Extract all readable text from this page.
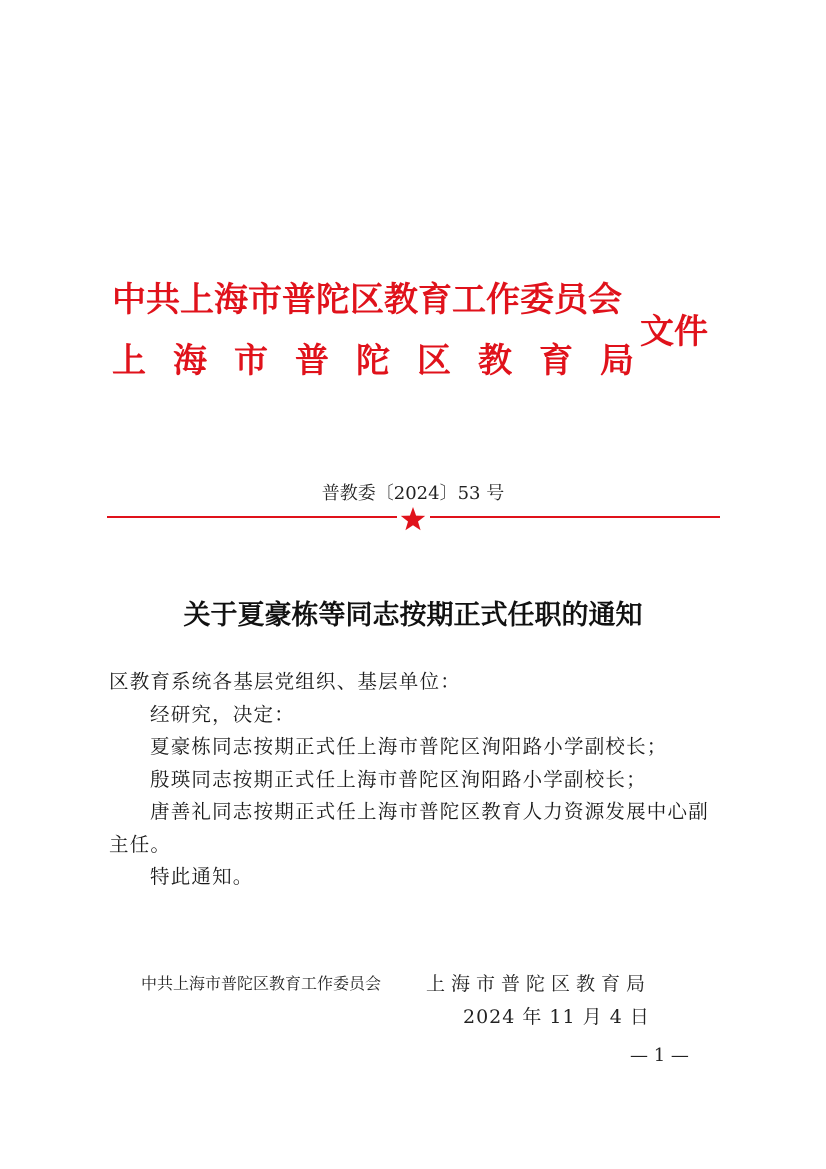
中共上海市普陀区教育工作委员会
上海市普陀区教育局
文件
普教委〔2024〕53 号
关于夏豪栋等同志按期正式任职的通知

区教育系统各基层党组织、基层单位：

经研究，决定：

夏豪栋同志按期正式任上海市普陀区洵阳路小学副校长；

殷瑛同志按期正式任上海市普陀区洵阳路小学副校长；

唐善礼同志按期正式任上海市普陀区教育人力资源发展中心副主任。

特此通知。

中共上海市普陀区教育工作委员会 上海市普陀区教育局
2024 年 11 月 4 日
— 1 —
